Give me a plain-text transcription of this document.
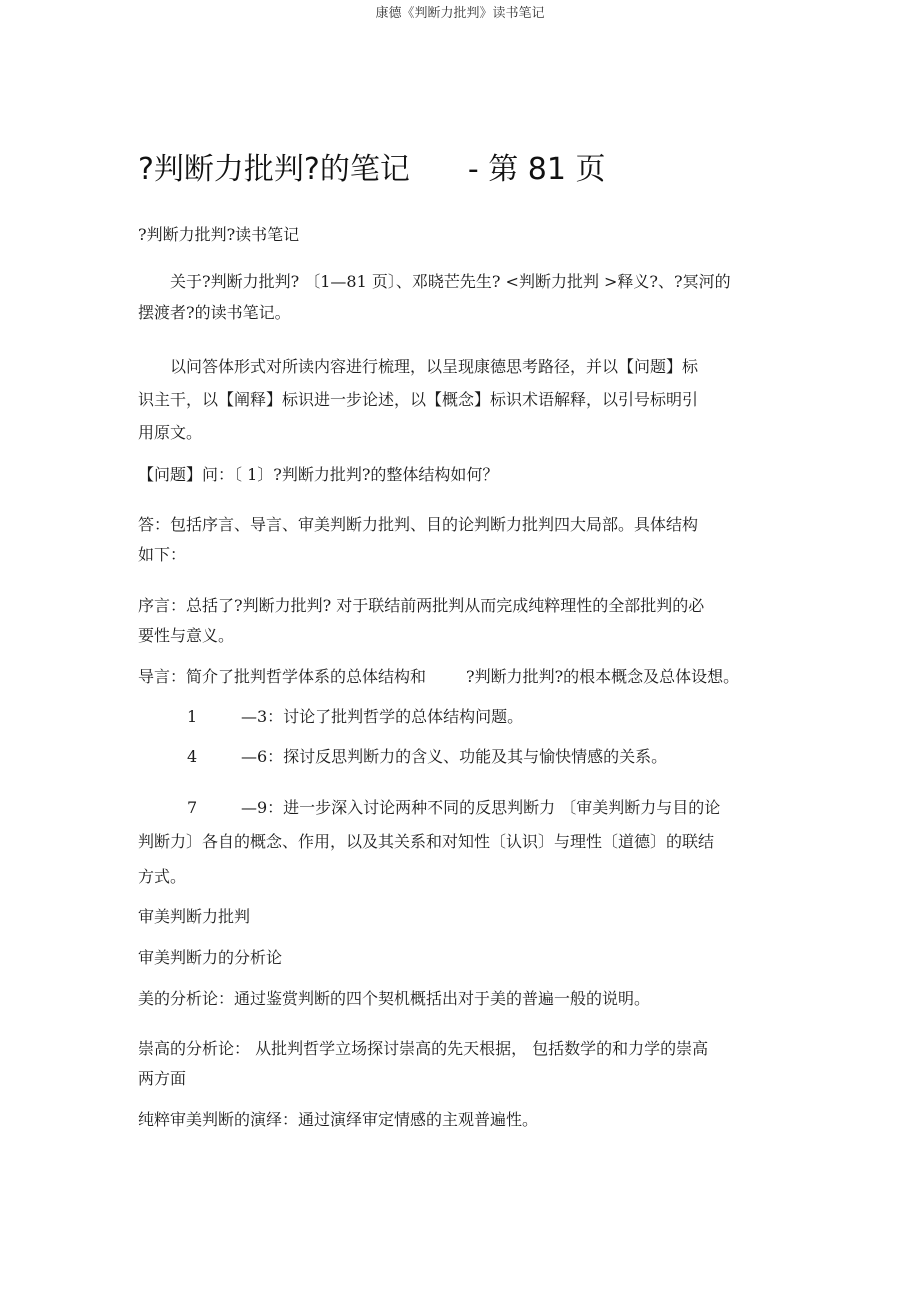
康德《判断力批判》读书笔记
?判断力批判?的笔记 - 第 81 页
?判断力批判?读书笔记
关于?判断力批判? 〔1—81 页〕、邓晓芒先生? <判断力批判 >释义?、?冥河的
摆渡者?的读书笔记。
以问答体形式对所读内容进行梳理，以呈现康德思考路径，并以【问题】标
识主干，以【阐释】标识进一步论述，以【概念】标识术语解释，以引号标明引
用原文。
【问题】问：〔 1〕?判断力批判?的整体结构如何？
答：包括序言、导言、审美判断力批判、目的论判断力批判四大局部。具体结构
如下：
序言：总括了?判断力批判? 对于联结前两批判从而完成纯粹理性的全部批判的必
要性与意义。
导言：简介了批判哲学体系的总体结构和	?判断力批判?的根本概念及总体设想。
1	—3：讨论了批判哲学的总体结构问题。
4	—6：探讨反思判断力的含义、功能及其与愉快情感的关系。
7	—9：进一步深入讨论两种不同的反思判断力 〔审美判断力与目的论
判断力〕各自的概念、作用，以及其关系和对知性〔认识〕与理性〔道德〕的联结
方式。
审美判断力批判
审美判断力的分析论
美的分析论：通过鉴赏判断的四个契机概括出对于美的普遍一般的说明。
崇高的分析论： 从批判哲学立场探讨崇高的先天根据， 包括数学的和力学的崇高
两方面
纯粹审美判断的演绎：通过演绎审定情感的主观普遍性。
